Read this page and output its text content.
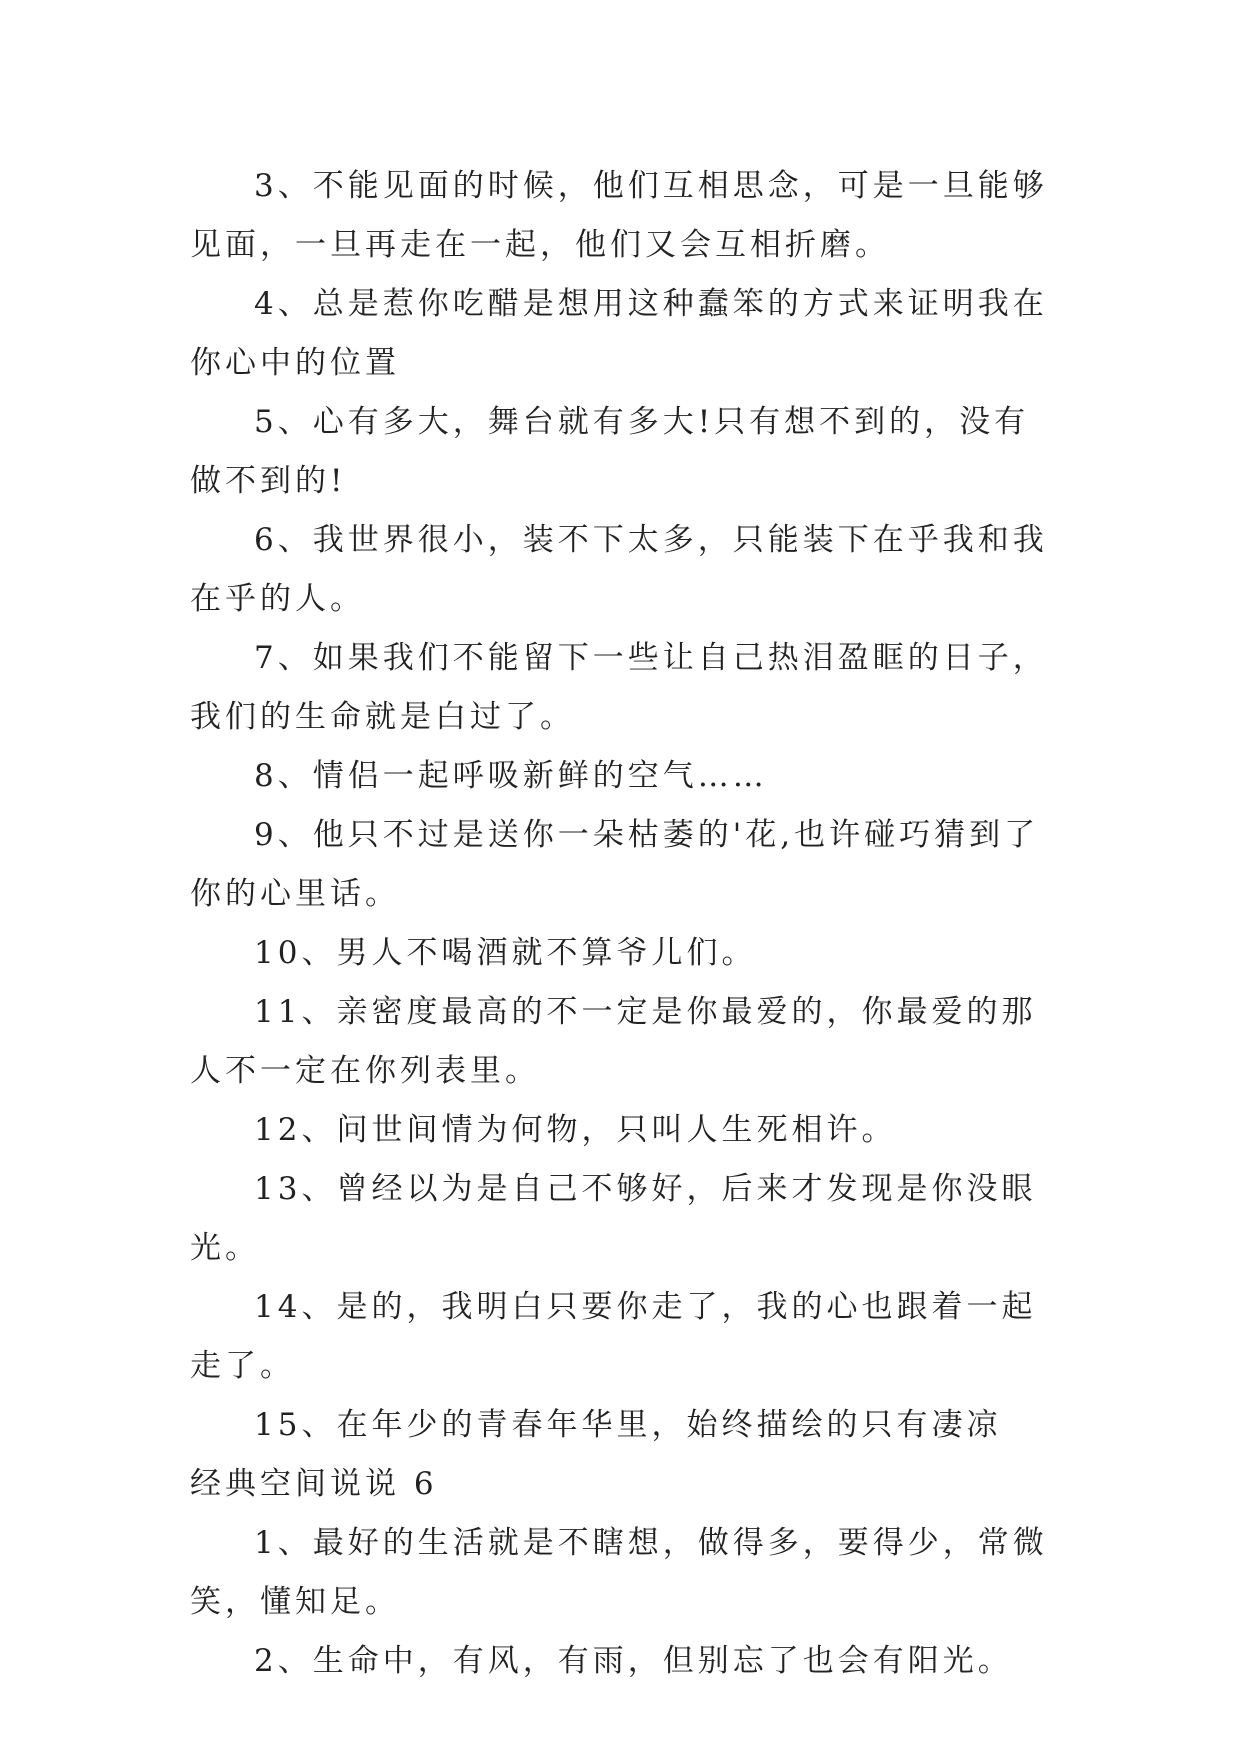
3、不能见面的时候，他们互相思念，可是一旦能够见面，一旦再走在一起，他们又会互相折磨。

4、总是惹你吃醋是想用这种蠢笨的方式来证明我在你心中的位置

5、心有多大，舞台就有多大!只有想不到的，没有做不到的!

6、我世界很小，装不下太多，只能装下在乎我和我在乎的人。

7、如果我们不能留下一些让自己热泪盈眶的日子，我们的生命就是白过了。

8、情侣一起呼吸新鲜的空气……

9、他只不过是送你一朵枯萎的'花,也许碰巧猜到了你的心里话。

10、男人不喝酒就不算爷儿们。

11、亲密度最高的不一定是你最爱的，你最爱的那人不一定在你列表里。

12、问世间情为何物，只叫人生死相许。

13、曾经以为是自己不够好，后来才发现是你没眼光。

14、是的，我明白只要你走了，我的心也跟着一起走了。

15、在年少的青春年华里，始终描绘的只有凄凉

经典空间说说 6

1、最好的生活就是不瞎想，做得多，要得少，常微笑，懂知足。

2、生命中，有风，有雨，但别忘了也会有阳光。
